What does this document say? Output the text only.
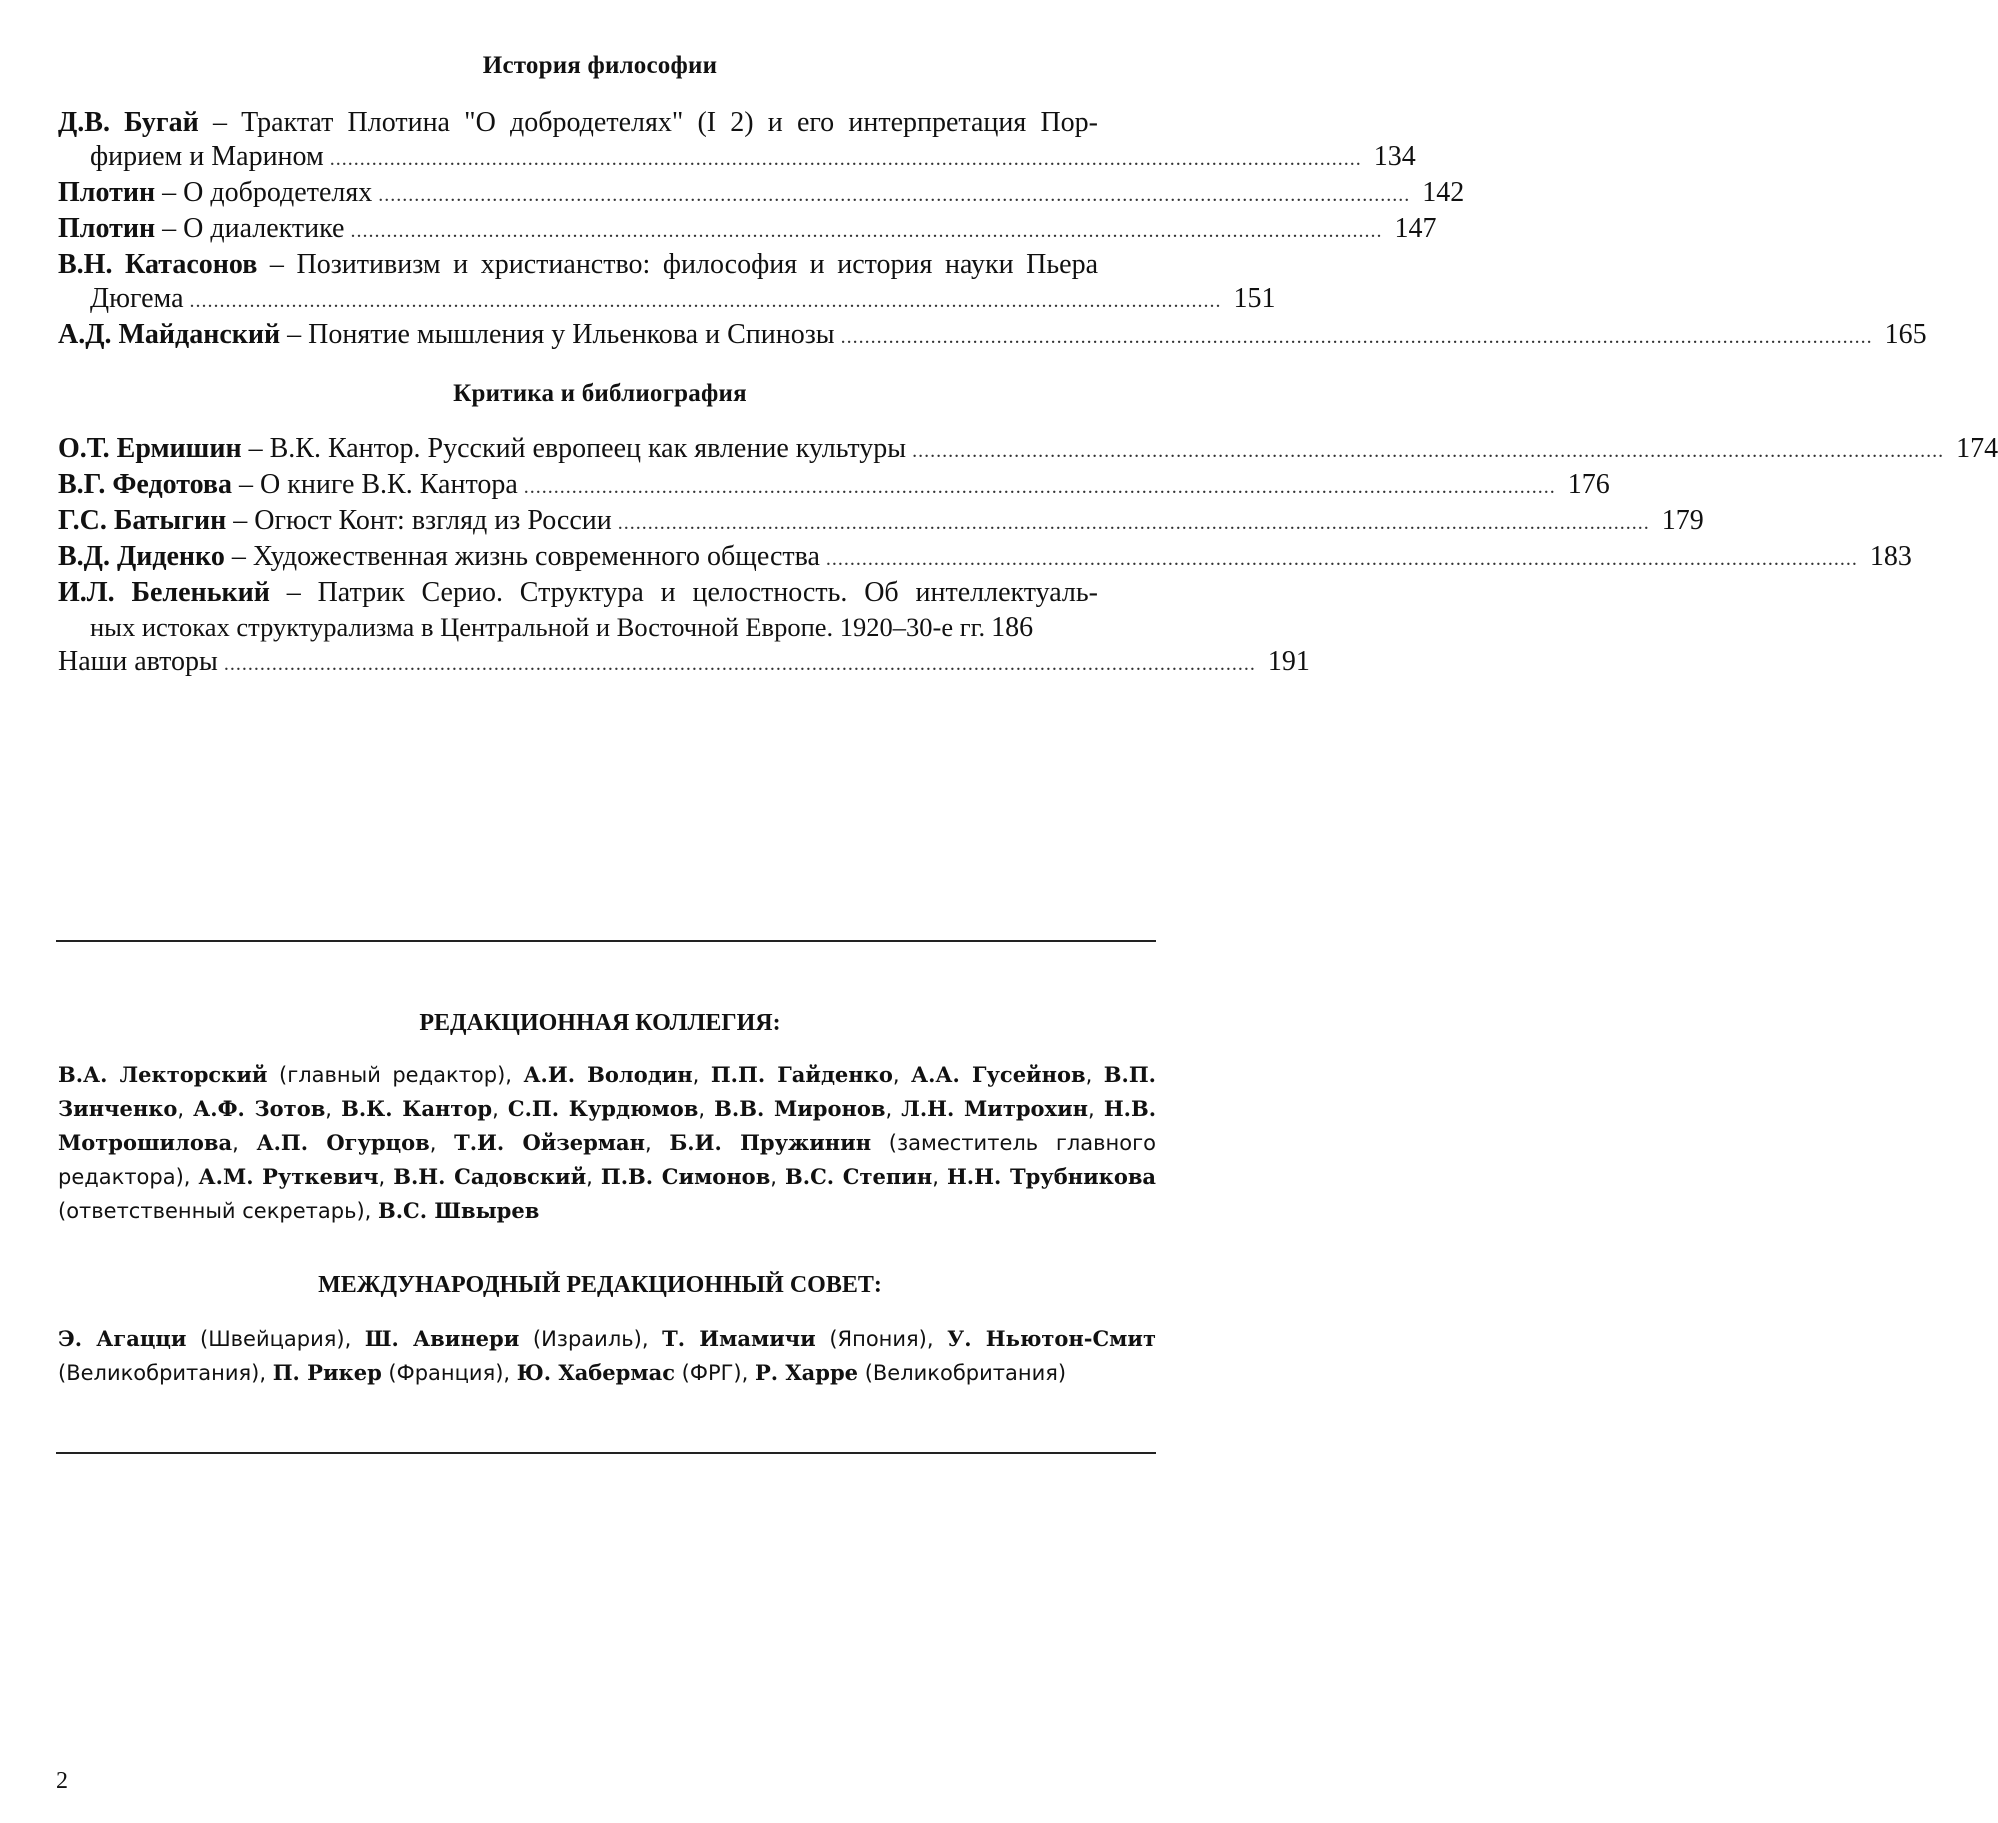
История философии
Д.В. Бугай – Трактат Плотина "О добродетелях" (I 2) и его интерпретация Пор-
фирием и Марином ............................................................................................................................................................................ 134
Плотин – О добродетелях ............................................................................................................................................................................ 142
Плотин – О диалектике ............................................................................................................................................................................ 147
В.Н. Катасонов – Позитивизм и христианство: философия и история науки Пьера
Дюгема ............................................................................................................................................................................ 151
А.Д. Майданский – Понятие мышления у Ильенкова и Спинозы ............................................................................................................................................................................ 165
Критика и библиография
О.Т. Ермишин – В.К. Кантор. Русский европеец как явление культуры ............................................................................................................................................................................ 174
В.Г. Федотова – О книге В.К. Кантора ............................................................................................................................................................................ 176
Г.С. Батыгин – Огюст Конт: взгляд из России ............................................................................................................................................................................ 179
В.Д. Диденко – Художественная жизнь современного общества ............................................................................................................................................................................ 183
И.Л. Беленький – Патрик Серио. Структура и целостность. Об интеллектуаль-
ных истоках структурализма в Центральной и Восточной Европе. 1920–30-е гг. 186
Наши авторы ............................................................................................................................................................................ 191
РЕДАКЦИОННАЯ КОЛЛЕГИЯ:
В.А. Лекторский (главный редактор), А.И. Володин, П.П. Гайденко, А.А. Гусейнов, В.П. Зинченко, А.Ф. Зотов, В.К. Кантор, С.П. Курдюмов, В.В. Миронов, Л.Н. Митрохин, Н.В. Мотрошилова, А.П. Огурцов, Т.И. Ойзерман, Б.И. Пружинин (заместитель главного редактора), А.М. Руткевич, В.Н. Садовский, П.В. Симонов, В.С. Степин, Н.Н. Трубникова (ответственный секретарь), В.С. Швырев
МЕЖДУНАРОДНЫЙ РЕДАКЦИОННЫЙ СОВЕТ:
Э. Агацци (Швейцария), Ш. Авинери (Израиль), Т. Имамичи (Япония), У. Ньютон-Смит (Великобритания), П. Рикер (Франция), Ю. Хабермас (ФРГ), Р. Харре (Великобритания)
2
